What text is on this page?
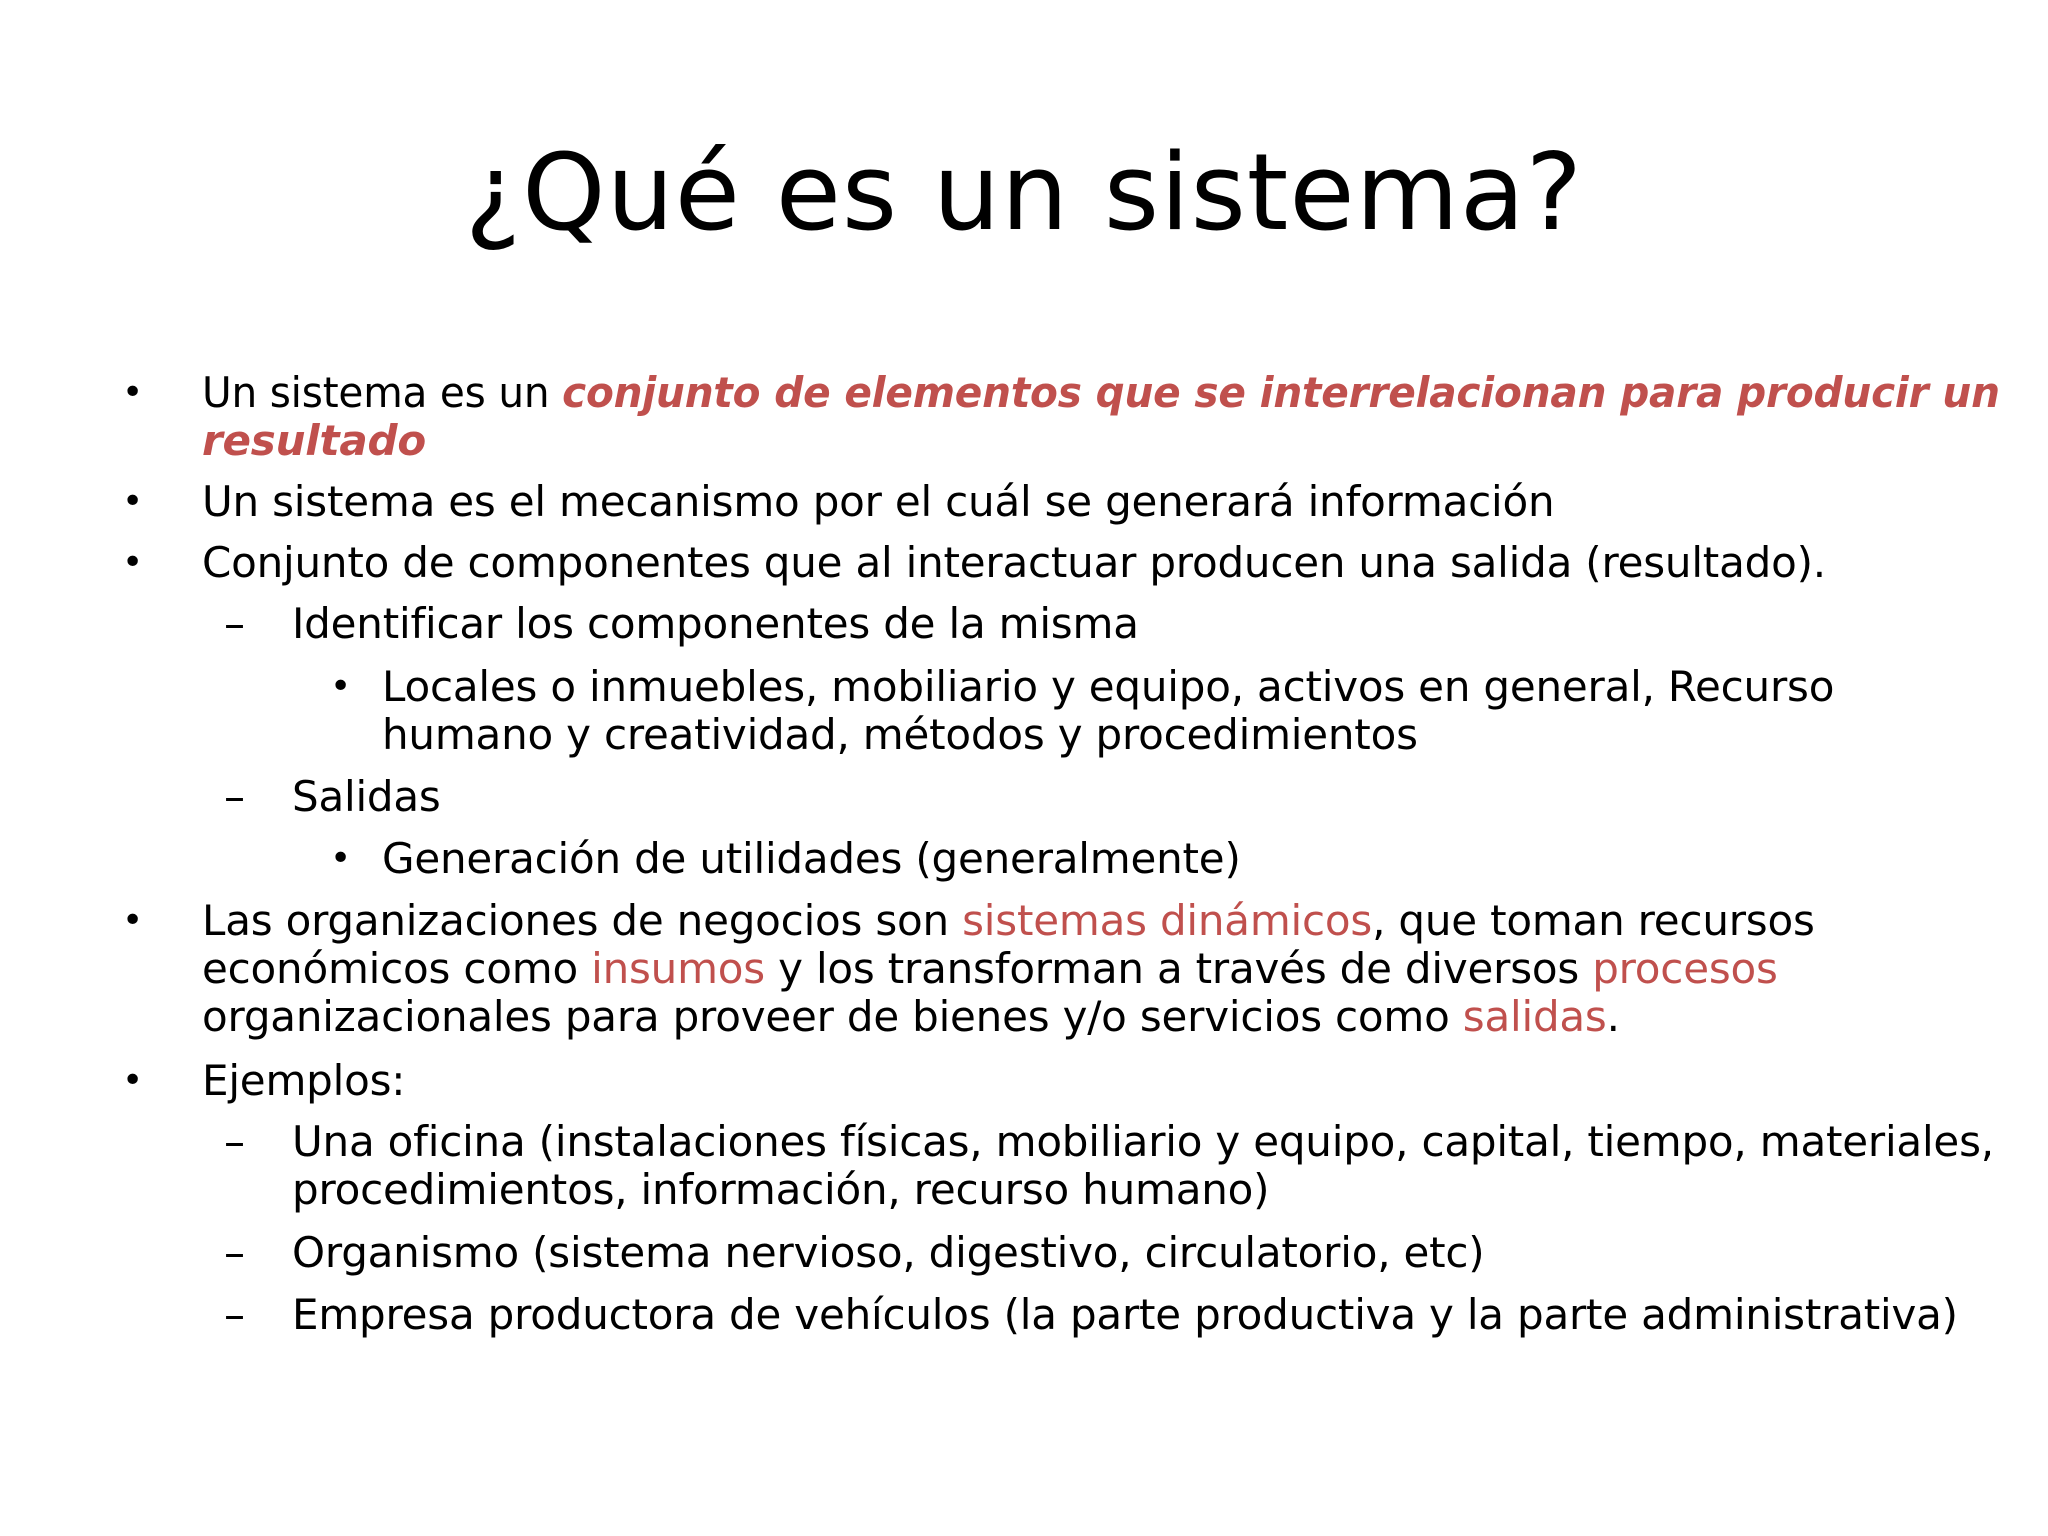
¿Qué es un sistema?
• Un sistema es un conjunto de elementos que se interrelacionan para producir un
resultado
• Un sistema es el mecanismo por el cuál se generará información
• Conjunto de componentes que al interactuar producen una salida (resultado).
– Identificar los componentes de la misma
• Locales o inmuebles, mobiliario y equipo, activos en general, Recurso
humano y creatividad, métodos y procedimientos
– Salidas
• Generación de utilidades (generalmente)
• Las organizaciones de negocios son sistemas dinámicos, que toman recursos
económicos como insumos y los transforman a través de diversos procesos
organizacionales para proveer de bienes y/o servicios como salidas.
• Ejemplos:
– Una oficina (instalaciones físicas, mobiliario y equipo, capital, tiempo, materiales,
procedimientos, información, recurso humano)
– Organismo (sistema nervioso, digestivo, circulatorio, etc)
– Empresa productora de vehículos (la parte productiva y la parte administrativa)
